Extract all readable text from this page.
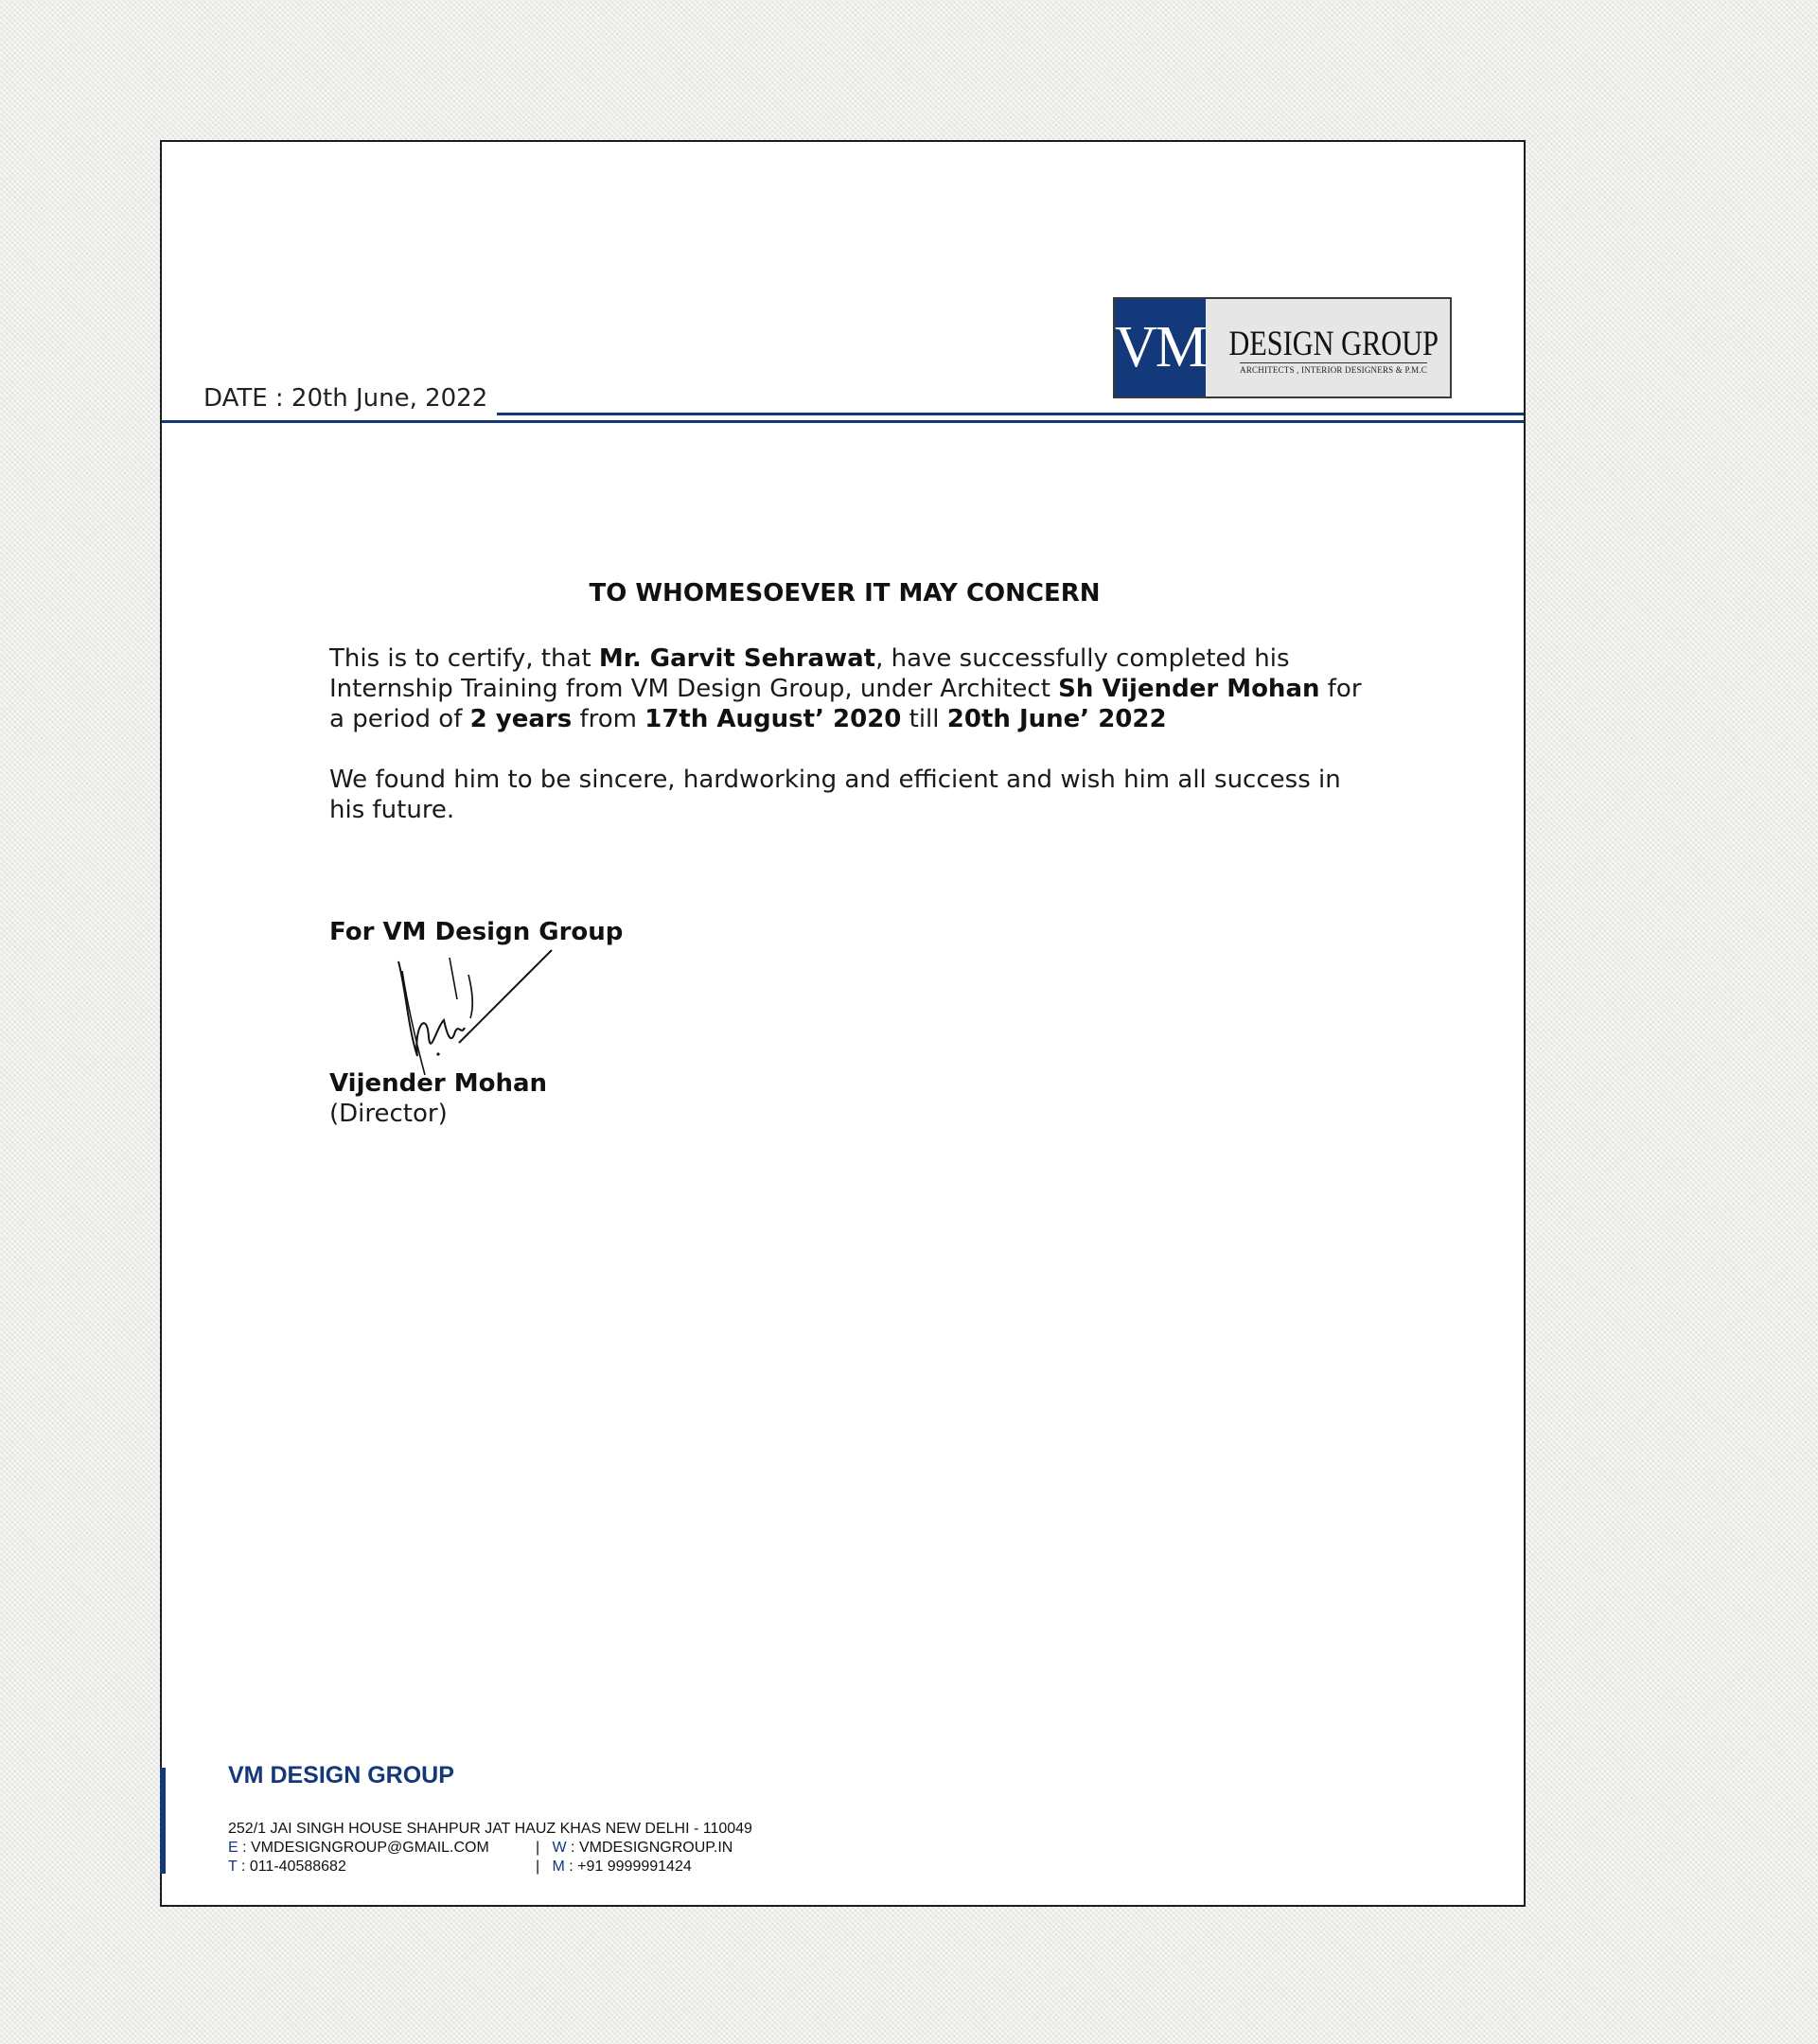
VM DESIGN GROUP
ARCHITECTS , INTERIOR DESIGNERS & P.M.C
DATE : 20th June, 2022
TO WHOMESOEVER IT MAY CONCERN

This is to certify, that Mr. Garvit Sehrawat, have successfully completed his Internship Training from VM Design Group, under Architect Sh Vijender Mohan for a period of 2 years from 17th August’ 2020 till 20th June’ 2022

We found him to be sincere, hardworking and efficient and wish him all success in his future.

For VM Design Group
Vijender Mohan
(Director)
VM DESIGN GROUP
252/1 JAI SINGH HOUSE SHAHPUR JAT HAUZ KHAS NEW DELHI - 110049
E : VMDESIGNGROUP@GMAIL.COM	| W : VMDESIGNGROUP.IN
T : 011-40588682	| M : +91 9999991424
